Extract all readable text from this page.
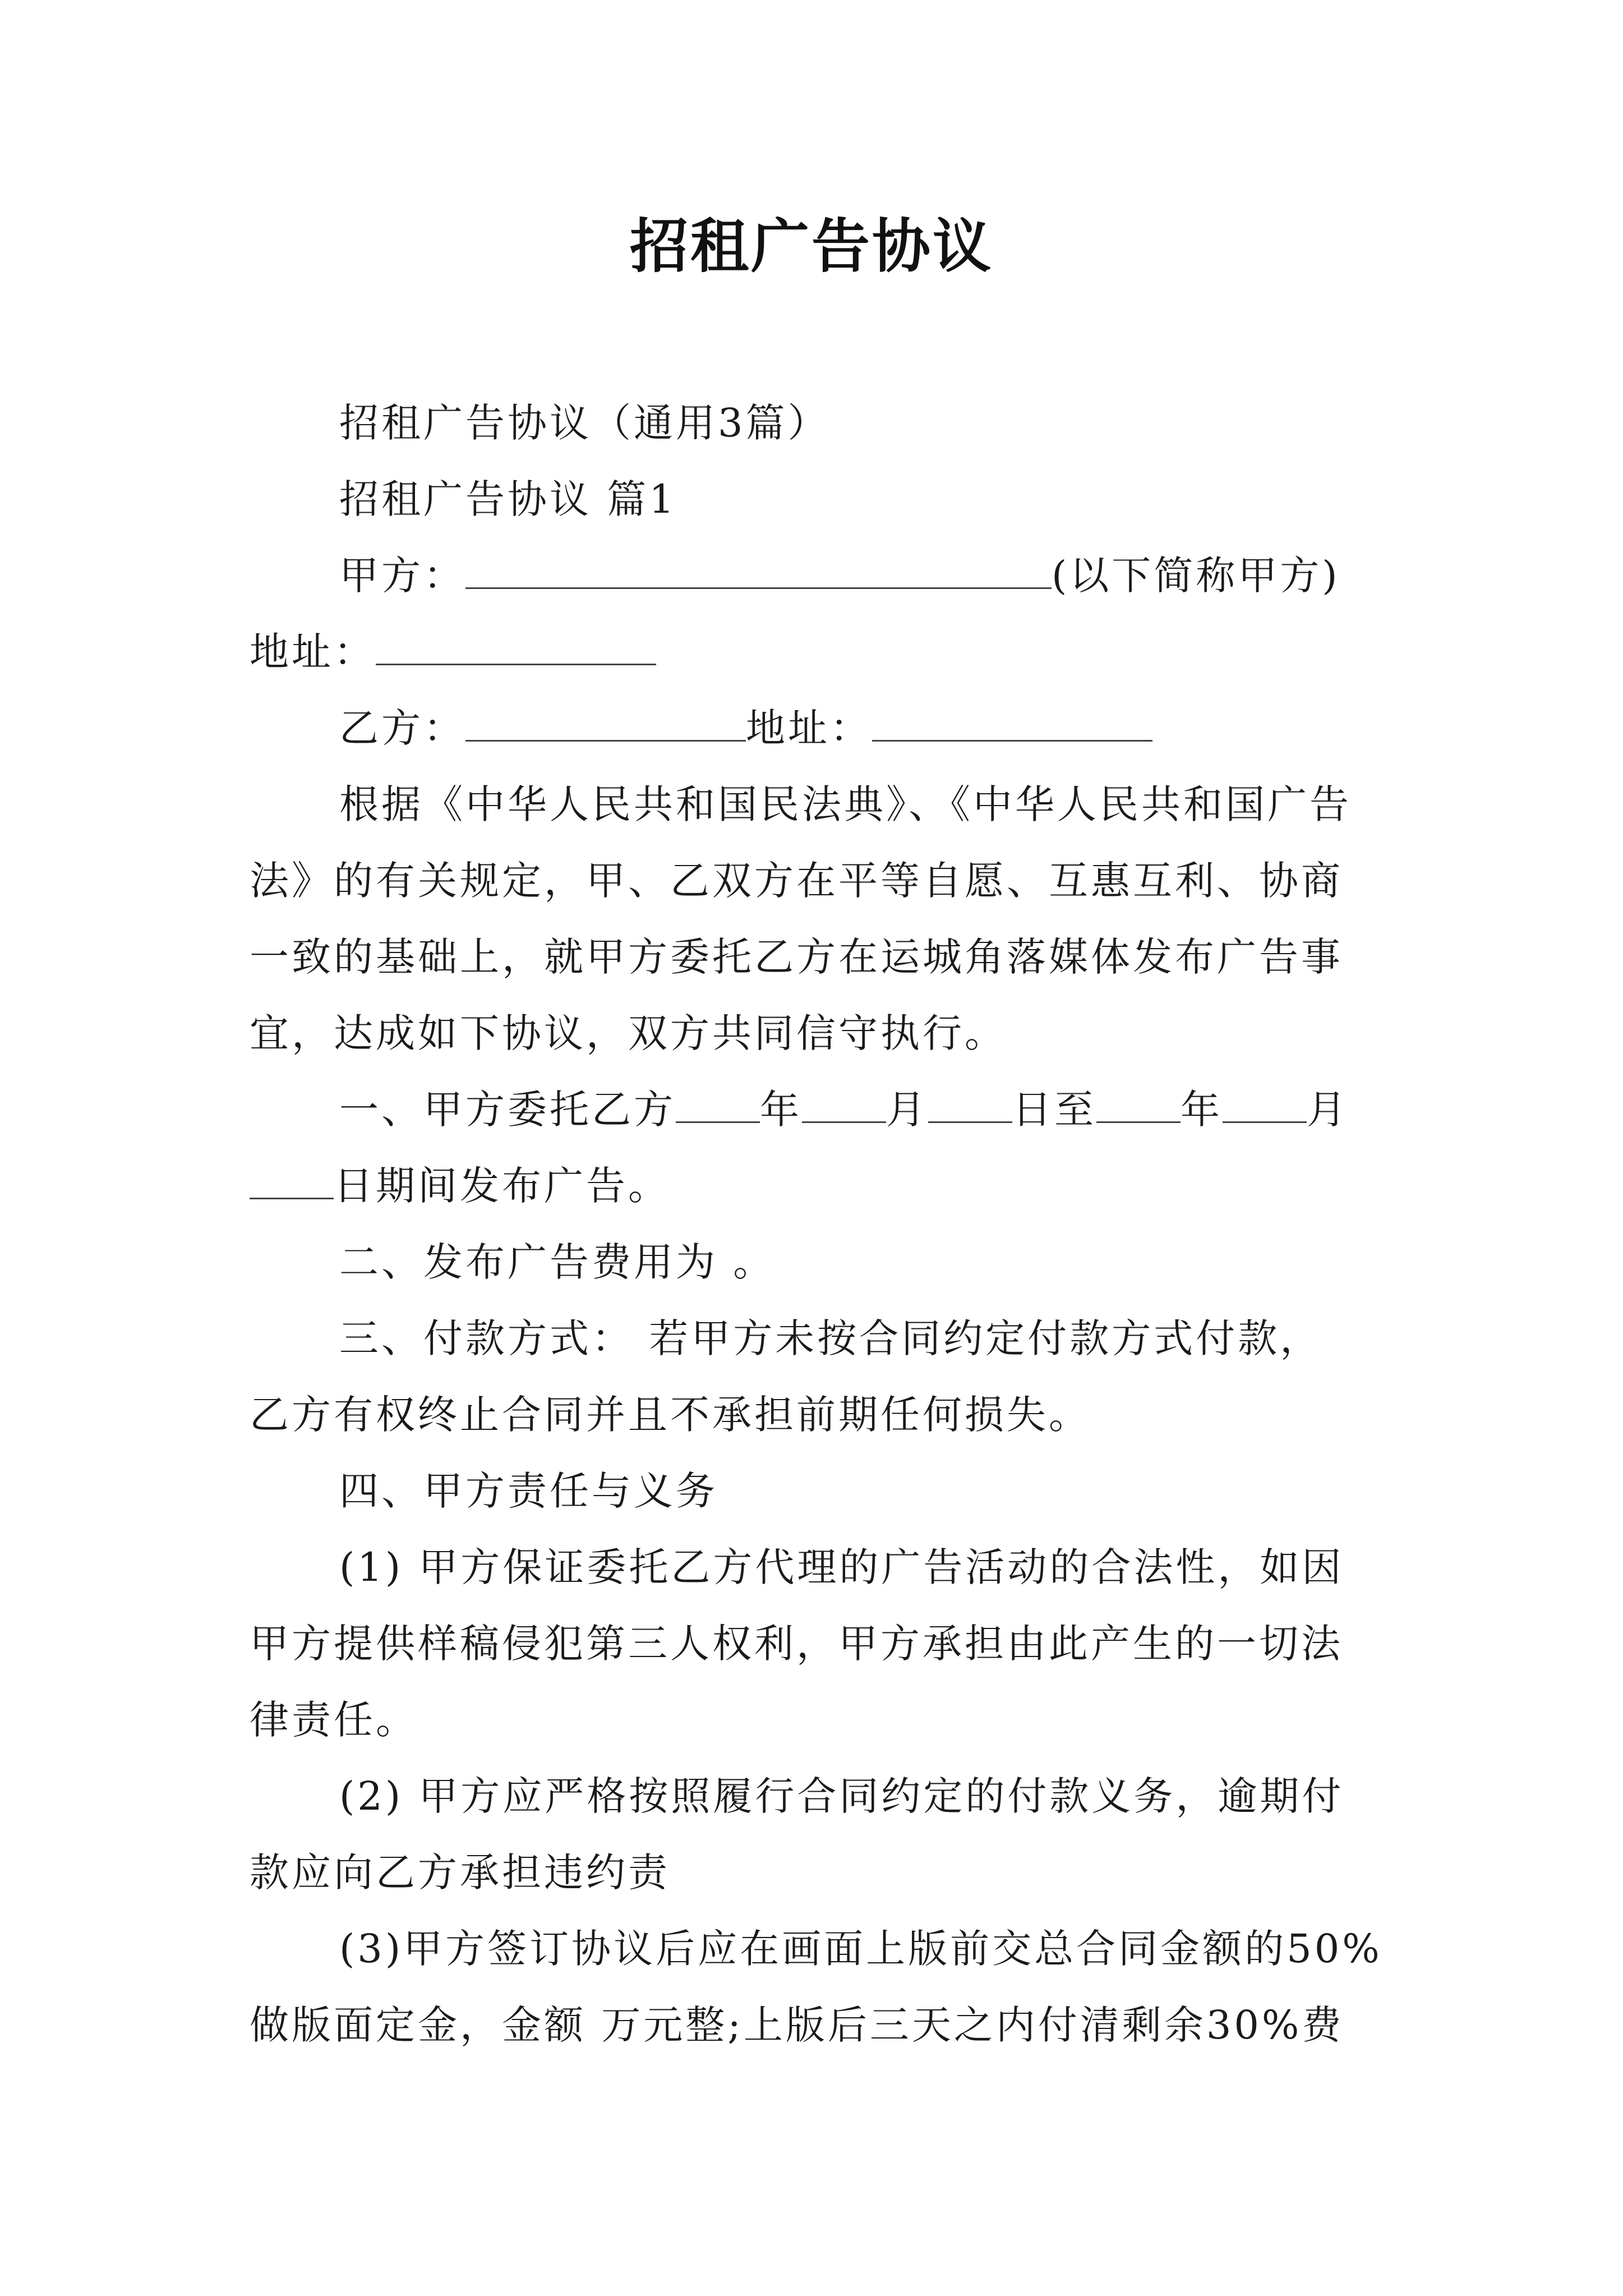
招租广告协议
招租广告协议（通用3篇）
招租广告协议 篇1
甲方：	(以下简称甲方)
地址：
乙方：	地址：
根据《中华人民共和国民法典》、《中华人民共和国广告
法》的有关规定，甲、乙双方在平等自愿、互惠互利、协商
一致的基础上，就甲方委托乙方在运城角落媒体发布广告事
宜，达成如下协议，双方共同信守执行。
一、甲方委托乙方 年 月 日至 年 月
日期间发布广告。
二、发布广告费用为 。
三、付款方式： 若甲方未按合同约定付款方式付款，
乙方有权终止合同并且不承担前期任何损失。
四、甲方责任与义务
(1) 甲方保证委托乙方代理的广告活动的合法性，如因
甲方提供样稿侵犯第三人权利，甲方承担由此产生的一切法
律责任。
(2) 甲方应严格按照履行合同约定的付款义务，逾期付
款应向乙方承担违约责
(3)甲方签订协议后应在画面上版前交总合同金额的50%
做版面定金，金额 万元整;上版后三天之内付清剩余30%费
